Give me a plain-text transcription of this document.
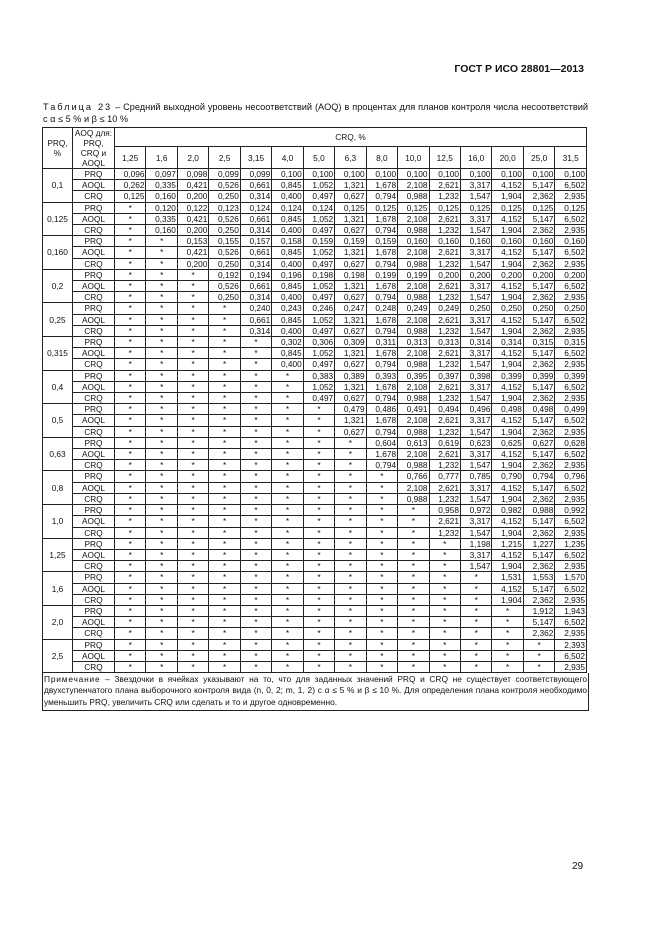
ГОСТ Р ИСО 28801—2013
Таблица 23 – Средний выходной уровень несоответствий (AOQ) в процентах для планов контроля числа несоответствий с α ≤ 5 % и β ≤ 10 %
PRQ, %	AOQ для: PRQ, CRQ и AOQL	CRQ, %														
		1,25	1,6	2,0	2,5	3,15	4,0	5,0	6,3	8,0	10,0	12,5	16,0	20,0	25,0	31,5
0,1	PRQ	0,096	0,097	0,098	0,099	0,099	0,100	0,100	0,100	0,100	0,100	0,100	0,100	0,100	0,100	0,100
	AOQL	0,262	0,335	0,421	0,526	0,661	0,845	1,052	1,321	1,678	2,108	2,621	3,317	4,152	5,147	6,502
	CRQ	0,125	0,160	0,200	0,250	0,314	0,400	0,497	0,627	0,794	0,988	1,232	1,547	1,904	2,362	2,935
0,125	PRQ	*	0,120	0,122	0,123	0,124	0,124	0,124	0,125	0,125	0,125	0,125	0,125	0,125	0,125	0,125
	AOQL	*	0,335	0,421	0,526	0,661	0,845	1,052	1,321	1,678	2,108	2,621	3,317	4,152	5,147	6,502
	CRQ	*	0,160	0,200	0,250	0,314	0,400	0,497	0,627	0,794	0,988	1,232	1,547	1,904	2,362	2,935
0,160	PRQ	*	*	0,153	0,155	0,157	0,158	0,159	0,159	0,159	0,160	0,160	0,160	0,160	0,160	0,160
	AOQL	*	*	0,421	0,526	0,661	0,845	1,052	1,321	1,678	2,108	2,621	3,317	4,152	5,147	6,502
	CRQ	*	*	0,200	0,250	0,314	0,400	0,497	0,627	0,794	0,988	1,232	1,547	1,904	2,362	2,935
0,2	PRQ	*	*	*	0,192	0,194	0,196	0,198	0,198	0,199	0,199	0,200	0,200	0,200	0,200	0,200
	AOQL	*	*	*	0,526	0,661	0,845	1,052	1,321	1,678	2,108	2,621	3,317	4,152	5,147	6,502
	CRQ	*	*	*	0,250	0,314	0,400	0,497	0,627	0,794	0,988	1,232	1,547	1,904	2,362	2,935
0,25	PRQ	*	*	*	*	0,240	0,243	0,246	0,247	0,248	0,249	0,249	0,250	0,250	0,250	0,250
	AOQL	*	*	*	*	0,661	0,845	1,052	1,321	1,678	2,108	2,621	3,317	4,152	5,147	6,502
	CRQ	*	*	*	*	0,314	0,400	0,497	0,627	0,794	0,988	1,232	1,547	1,904	2,362	2,935
0,315	PRQ	*	*	*	*	*	0,302	0,306	0,309	0,311	0,313	0,313	0,314	0,314	0,315	0,315
	AOQL	*	*	*	*	*	0,845	1,052	1,321	1,678	2,108	2,621	3,317	4,152	5,147	6,502
	CRQ	*	*	*	*	*	0,400	0,497	0,627	0,794	0,988	1,232	1,547	1,904	2,362	2,935
0,4	PRQ	*	*	*	*	*	*	0,383	0,389	0,393	0,395	0,397	0,398	0,399	0,399	0,399
	AOQL	*	*	*	*	*	*	1,052	1,321	1,678	2,108	2,621	3,317	4,152	5,147	6,502
	CRQ	*	*	*	*	*	*	0,497	0,627	0,794	0,988	1,232	1,547	1,904	2,362	2,935
0,5	PRQ	*	*	*	*	*	*	*	0,479	0,486	0,491	0,494	0,496	0,498	0,498	0,499
	AOQL	*	*	*	*	*	*	*	1,321	1,678	2,108	2,621	3,317	4,152	5,147	6,502
	CRQ	*	*	*	*	*	*	*	0,627	0,794	0,988	1,232	1,547	1,904	2,362	2,935
0,63	PRQ	*	*	*	*	*	*	*	*	0,604	0,613	0,619	0,623	0,625	0,627	0,628
	AOQL	*	*	*	*	*	*	*	*	1,678	2,108	2,621	3,317	4,152	5,147	6,502
	CRQ	*	*	*	*	*	*	*	*	0,794	0,988	1,232	1,547	1,904	2,362	2,935
0,8	PRQ	*	*	*	*	*	*	*	*	*	0,766	0,777	0,785	0,790	0,794	0,796
	AOQL	*	*	*	*	*	*	*	*	*	2,108	2,621	3,317	4,152	5,147	6,502
	CRQ	*	*	*	*	*	*	*	*	*	0,988	1,232	1,547	1,904	2,362	2,935
1,0	PRQ	*	*	*	*	*	*	*	*	*	*	0,958	0,972	0,982	0,988	0,992
	AOQL	*	*	*	*	*	*	*	*	*	*	2,621	3,317	4,152	5,147	6,502
	CRQ	*	*	*	*	*	*	*	*	*	*	1,232	1,547	1,904	2,362	2,935
1,25	PRQ	*	*	*	*	*	*	*	*	*	*	*	1,198	1,215	1,227	1,235
	AOQL	*	*	*	*	*	*	*	*	*	*	*	3,317	4,152	5,147	6,502
	CRQ	*	*	*	*	*	*	*	*	*	*	*	1,547	1,904	2,362	2,935
1,6	PRQ	*	*	*	*	*	*	*	*	*	*	*	*	1,531	1,553	1,570
	AOQL	*	*	*	*	*	*	*	*	*	*	*	*	4,152	5,147	6,502
	CRQ	*	*	*	*	*	*	*	*	*	*	*	*	1,904	2,362	2,935
2,0	PRQ	*	*	*	*	*	*	*	*	*	*	*	*	*	1,912	1,943
	AOQL	*	*	*	*	*	*	*	*	*	*	*	*	*	5,147	6,502
	CRQ	*	*	*	*	*	*	*	*	*	*	*	*	*	2,362	2,935
2,5	PRQ	*	*	*	*	*	*	*	*	*	*	*	*	*	*	2,393
	AOQL	*	*	*	*	*	*	*	*	*	*	*	*	*	*	6,502
	CRQ	*	*	*	*	*	*	*	*	*	*	*	*	*	*	2,935
Примечание – Звездочки в ячейках указывают на то, что для заданных значений PRQ и CRQ не существует соответствующего двухступенчатого плана выборочного контроля вида (n, 0, 2; m, 1, 2) с α ≤ 5 % и β ≤ 10 %. Для определения плана контроля необходимо уменьшить PRQ, увеличить CRQ или сделать и то и другое одновременно.
29
